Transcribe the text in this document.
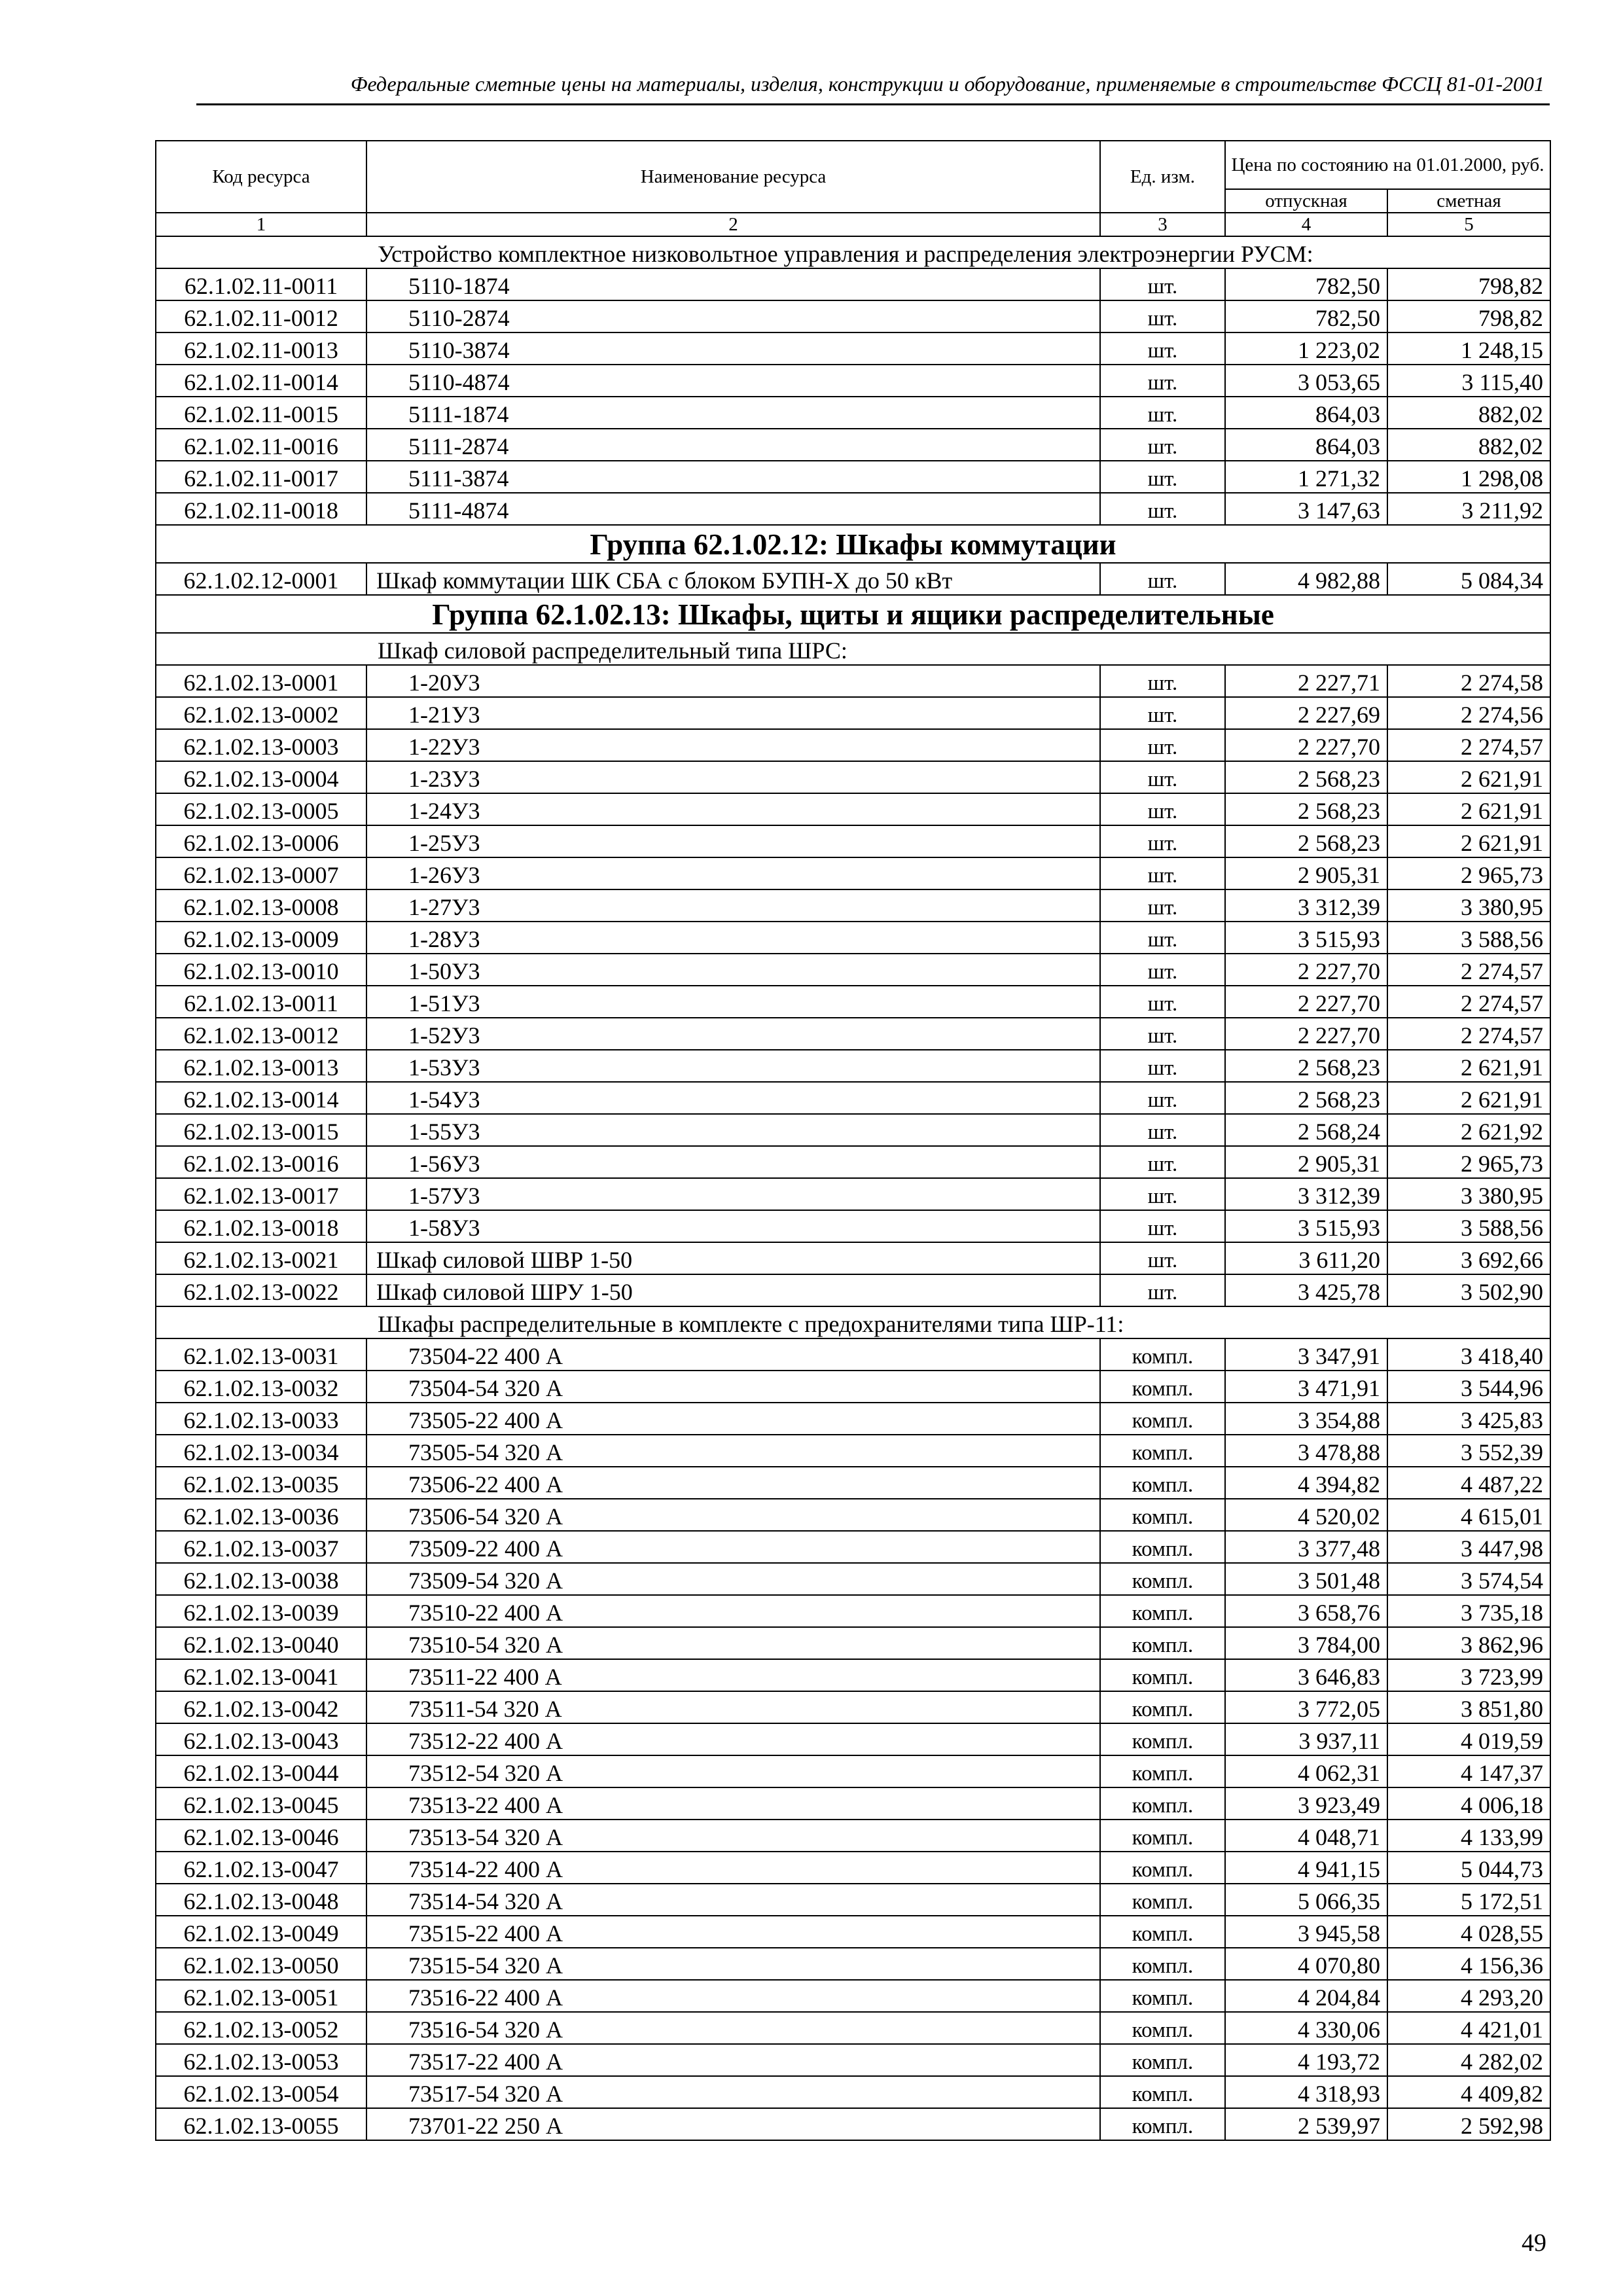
Федеральные сметные цены на материалы, изделия, конструкции и оборудование, применяемые в строительстве ФССЦ 81-01-2001
Код ресурса	Наименование ресурса	Ед. изм.	Цена по состоянию на 01.01.2000, руб.	
			отпускная	сметная
1	2	3	4	5
Устройство комплектное низковольтное управления и распределения электроэнергии РУСМ:				
62.1.02.11-0011	5110-1874	шт.	782,50	798,82
62.1.02.11-0012	5110-2874	шт.	782,50	798,82
62.1.02.11-0013	5110-3874	шт.	1 223,02	1 248,15
62.1.02.11-0014	5110-4874	шт.	3 053,65	3 115,40
62.1.02.11-0015	5111-1874	шт.	864,03	882,02
62.1.02.11-0016	5111-2874	шт.	864,03	882,02
62.1.02.11-0017	5111-3874	шт.	1 271,32	1 298,08
62.1.02.11-0018	5111-4874	шт.	3 147,63	3 211,92
Группа 62.1.02.12: Шкафы коммутации				
62.1.02.12-0001	Шкаф коммутации ШК СБА с блоком БУПН-Х до 50 кВт	шт.	4 982,88	5 084,34
Группа 62.1.02.13: Шкафы, щиты и ящики распределительные				
Шкаф силовой распределительный типа ШРС:				
62.1.02.13-0001	1-20У3	шт.	2 227,71	2 274,58
62.1.02.13-0002	1-21У3	шт.	2 227,69	2 274,56
62.1.02.13-0003	1-22У3	шт.	2 227,70	2 274,57
62.1.02.13-0004	1-23У3	шт.	2 568,23	2 621,91
62.1.02.13-0005	1-24У3	шт.	2 568,23	2 621,91
62.1.02.13-0006	1-25У3	шт.	2 568,23	2 621,91
62.1.02.13-0007	1-26У3	шт.	2 905,31	2 965,73
62.1.02.13-0008	1-27У3	шт.	3 312,39	3 380,95
62.1.02.13-0009	1-28У3	шт.	3 515,93	3 588,56
62.1.02.13-0010	1-50У3	шт.	2 227,70	2 274,57
62.1.02.13-0011	1-51У3	шт.	2 227,70	2 274,57
62.1.02.13-0012	1-52У3	шт.	2 227,70	2 274,57
62.1.02.13-0013	1-53У3	шт.	2 568,23	2 621,91
62.1.02.13-0014	1-54У3	шт.	2 568,23	2 621,91
62.1.02.13-0015	1-55У3	шт.	2 568,24	2 621,92
62.1.02.13-0016	1-56У3	шт.	2 905,31	2 965,73
62.1.02.13-0017	1-57У3	шт.	3 312,39	3 380,95
62.1.02.13-0018	1-58У3	шт.	3 515,93	3 588,56
62.1.02.13-0021	Шкаф силовой ШВР 1-50	шт.	3 611,20	3 692,66
62.1.02.13-0022	Шкаф силовой ШРУ 1-50	шт.	3 425,78	3 502,90
Шкафы распределительные в комплекте с предохранителями типа ШР-11:				
62.1.02.13-0031	73504-22 400 А	компл.	3 347,91	3 418,40
62.1.02.13-0032	73504-54 320 А	компл.	3 471,91	3 544,96
62.1.02.13-0033	73505-22 400 А	компл.	3 354,88	3 425,83
62.1.02.13-0034	73505-54 320 А	компл.	3 478,88	3 552,39
62.1.02.13-0035	73506-22 400 А	компл.	4 394,82	4 487,22
62.1.02.13-0036	73506-54 320 А	компл.	4 520,02	4 615,01
62.1.02.13-0037	73509-22 400 А	компл.	3 377,48	3 447,98
62.1.02.13-0038	73509-54 320 А	компл.	3 501,48	3 574,54
62.1.02.13-0039	73510-22 400 А	компл.	3 658,76	3 735,18
62.1.02.13-0040	73510-54 320 А	компл.	3 784,00	3 862,96
62.1.02.13-0041	73511-22 400 А	компл.	3 646,83	3 723,99
62.1.02.13-0042	73511-54 320 А	компл.	3 772,05	3 851,80
62.1.02.13-0043	73512-22 400 А	компл.	3 937,11	4 019,59
62.1.02.13-0044	73512-54 320 А	компл.	4 062,31	4 147,37
62.1.02.13-0045	73513-22 400 А	компл.	3 923,49	4 006,18
62.1.02.13-0046	73513-54 320 А	компл.	4 048,71	4 133,99
62.1.02.13-0047	73514-22 400 А	компл.	4 941,15	5 044,73
62.1.02.13-0048	73514-54 320 А	компл.	5 066,35	5 172,51
62.1.02.13-0049	73515-22 400 А	компл.	3 945,58	4 028,55
62.1.02.13-0050	73515-54 320 А	компл.	4 070,80	4 156,36
62.1.02.13-0051	73516-22 400 А	компл.	4 204,84	4 293,20
62.1.02.13-0052	73516-54 320 А	компл.	4 330,06	4 421,01
62.1.02.13-0053	73517-22 400 А	компл.	4 193,72	4 282,02
62.1.02.13-0054	73517-54 320 А	компл.	4 318,93	4 409,82
62.1.02.13-0055	73701-22 250 А	компл.	2 539,97	2 592,98
49
